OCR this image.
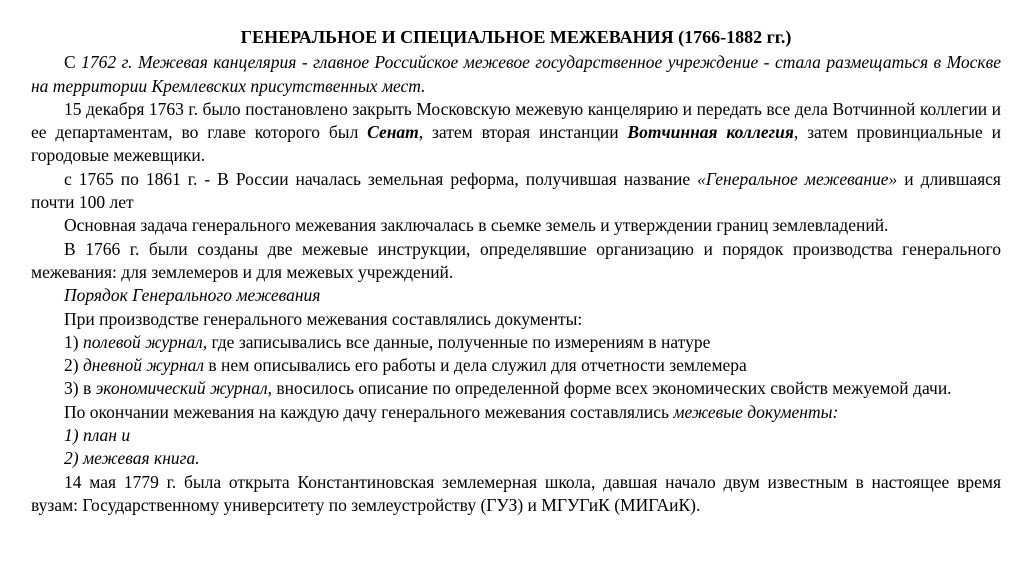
ГЕНЕРАЛЬНОЕ И СПЕЦИАЛЬНОЕ МЕЖЕВАНИЯ (1766-1882 гг.)

С 1762 г. Межевая канцелярия - главное Российское межевое государственное учреждение - стала размещаться в Москве на территории Кремлевских присутственных мест.

15 декабря 1763 г. было постановлено закрыть Московскую межевую канцелярию и передать все дела Вотчинной коллегии и ее департаментам, во главе которого был Сенат, затем вторая инстанции Вотчинная коллегия, затем провинциальные и городовые межевщики.

с 1765 по 1861 г. - В России началась земельная реформа, получившая название «Генеральное межевание» и длившаяся почти 100 лет

Основная задача генерального межевания заключалась в сьемке земель и утверждении границ землевладений.

В 1766 г. были созданы две межевые инструкции, определявшие организацию и порядок производства генерального межевания: для землемеров и для межевых учреждений.

Порядок Генерального межевания

При производстве генерального межевания составлялись документы:

1) полевой журнал, где записывались все данные, полученные по измерениям в натуре

2) дневной журнал в нем описывались его работы и дела служил для отчетности землемера

3) в экономический журнал, вносилось описание по определенной форме всех экономических свойств межуемой дачи.

По окончании межевания на каждую дачу генерального межевания составлялись межевые документы:

1) план и

2) межевая книга.

14 мая 1779 г. была открыта Константиновская землемерная школа, давшая начало двум известным в настоящее время вузам: Государственному университету по землеустройству (ГУЗ) и МГУГиК (МИГАиК).
